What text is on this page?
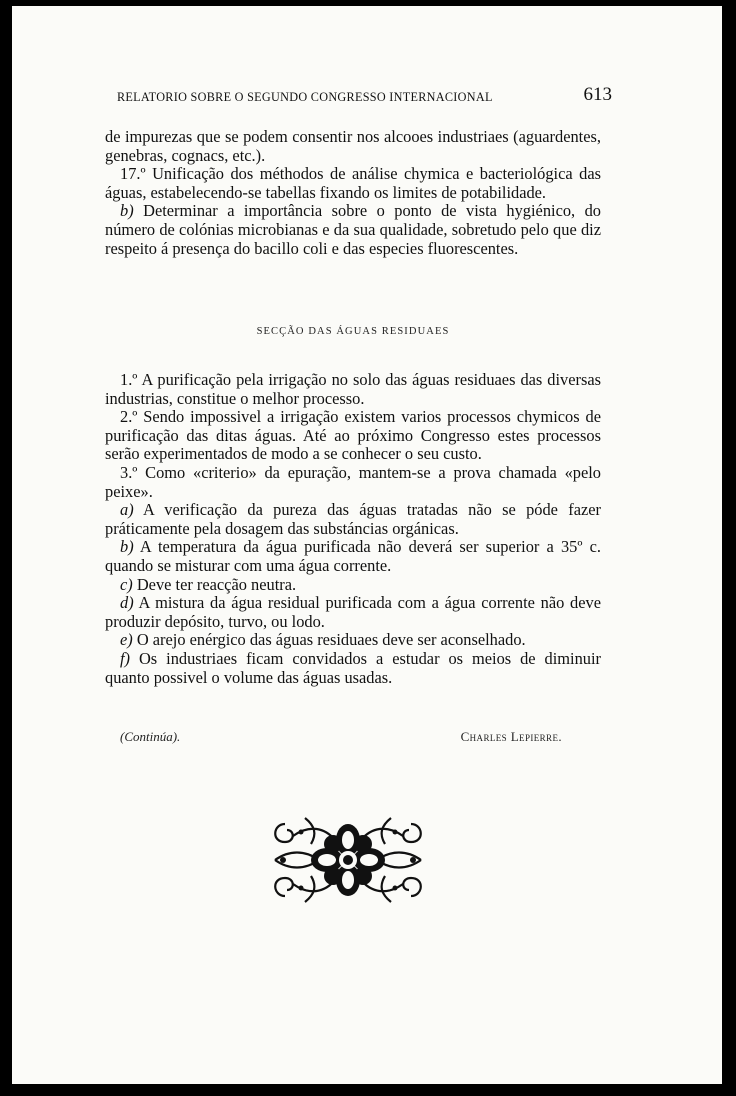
RELATORIO SOBRE O SEGUNDO CONGRESSO INTERNACIONAL	613

de impurezas que se podem consentir nos alcooes industriaes (aguardentes, genebras, cognacs, etc.).

17.º Unificação dos méthodos de análise chymica e bacteriológica das águas, estabelecendo-se tabellas fixando os limites de potabilidade.

b) Determinar a importância sobre o ponto de vista hygiénico, do número de colónias microbianas e da sua qualidade, sobretudo pelo que diz respeito á presença do bacillo coli e das especies fluorescentes.

SECÇÃO DAS ÁGUAS RESIDUAES

1.º A purificação pela irrigação no solo das águas residuaes das diversas industrias, constitue o melhor processo.

2.º Sendo impossivel a irrigação existem varios processos chymicos de purificação das ditas águas. Até ao próximo Congresso estes processos serão experimentados de modo a se conhecer o seu custo.

3.º Como «criterio» da epuração, mantem-se a prova chamada «pelo peixe».

a) A verificação da pureza das águas tratadas não se póde fazer práticamente pela dosagem das substáncias orgánicas.

b) A temperatura da água purificada não deverá ser superior a 35º c. quando se misturar com uma água corrente.

c) Deve ter reacção neutra.

d) A mistura da água residual purificada com a água corrente não deve produzir depósito, turvo, ou lodo.

e) O arejo enérgico das águas residuaes deve ser aconselhado.

f) Os industriaes ficam convidados a estudar os meios de diminuir quanto possivel o volume das águas usadas.

(Continúa).	Charles Lepierre.
